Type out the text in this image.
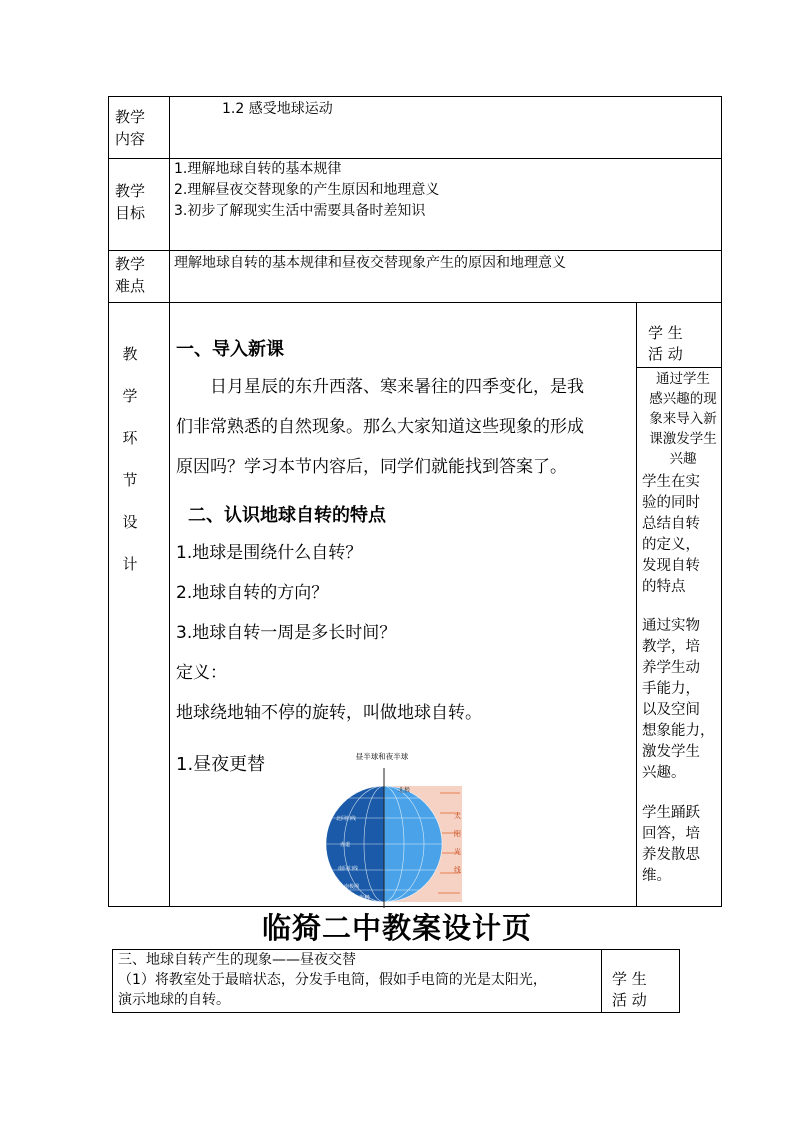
教学
内容
1.2 感受地球运动
教学
目标
1.理解地球自转的基本规律
2.理解昼夜交替现象的产生原因和地理意义
3.初步了解现实生活中需要具备时差知识
教学
难点
理解地球自转的基本规律和昼夜交替现象产生的原因和地理意义
教
学
环
节
设
计
学 生
活 动
一、导入新课
日月星辰的东升西落、寒来暑往的四季变化，是我
们非常熟悉的自然现象。那么大家知道这些现象的形成
原因吗？学习本节内容后，同学们就能找到答案了。
二、认识地球自转的特点
1.地球是围绕什么自转？
2.地球自转的方向？
3.地球自转一周是多长时间？
定义：
地球绕地轴不停的旋转，叫做地球自转。
1.昼夜更替	昼半球和夜半球
北极
南极
太
阳
光
线
北回归线
赤道
南回归线
南极圈
通过学生
感兴趣的现
象来导入新
课激发学生
兴趣
学生在实
验的同时
总结自转
的定义，
发现自转
的特点
通过实物
教学，培
养学生动
手能力，
以及空间
想象能力，
激发学生
兴趣。
学生踊跃
回答，培
养发散思
维。
临猗二中教案设计页
三、地球自转产生的现象——昼夜交替
（1）将教室处于最暗状态，分发手电筒，假如手电筒的光是太阳光，
演示地球的自转。
学 生
活 动
